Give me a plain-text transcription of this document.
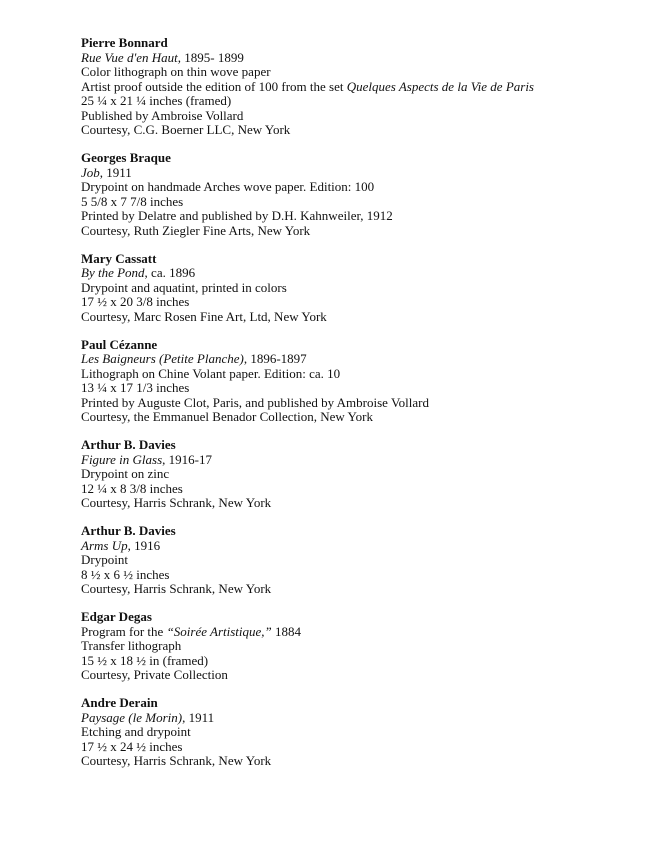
Pierre Bonnard
Rue Vue d'en Haut, 1895- 1899
Color lithograph on thin wove paper
Artist proof outside the edition of 100 from the set Quelques Aspects de la Vie de Paris
25 ¼ x 21 ¼ inches (framed)
Published by Ambroise Vollard
Courtesy, C.G. Boerner LLC, New York
Georges Braque
Job, 1911
Drypoint on handmade Arches wove paper. Edition: 100
5 5/8 x 7 7/8 inches
Printed by Delatre and published by D.H. Kahnweiler, 1912
Courtesy, Ruth Ziegler Fine Arts, New York
Mary Cassatt
By the Pond, ca. 1896
Drypoint and aquatint, printed in colors
17 ½ x 20 3/8 inches
Courtesy, Marc Rosen Fine Art, Ltd, New York
Paul Cézanne
Les Baigneurs (Petite Planche), 1896-1897
Lithograph on Chine Volant paper. Edition: ca. 10
13 ¼ x 17 1/3 inches
Printed by Auguste Clot, Paris, and published by Ambroise Vollard
Courtesy, the Emmanuel Benador Collection, New York
Arthur B. Davies
Figure in Glass, 1916-17
Drypoint on zinc
12 ¼ x 8 3/8 inches
Courtesy, Harris Schrank, New York
Arthur B. Davies
Arms Up, 1916
Drypoint
8 ½ x 6 ½ inches
Courtesy, Harris Schrank, New York
Edgar Degas
Program for the “Soirée Artistique,” 1884
Transfer lithograph
15 ½ x 18 ½ in (framed)
Courtesy, Private Collection
Andre Derain
Paysage (le Morin), 1911
Etching and drypoint
17 ½ x 24 ½ inches
Courtesy, Harris Schrank, New York
